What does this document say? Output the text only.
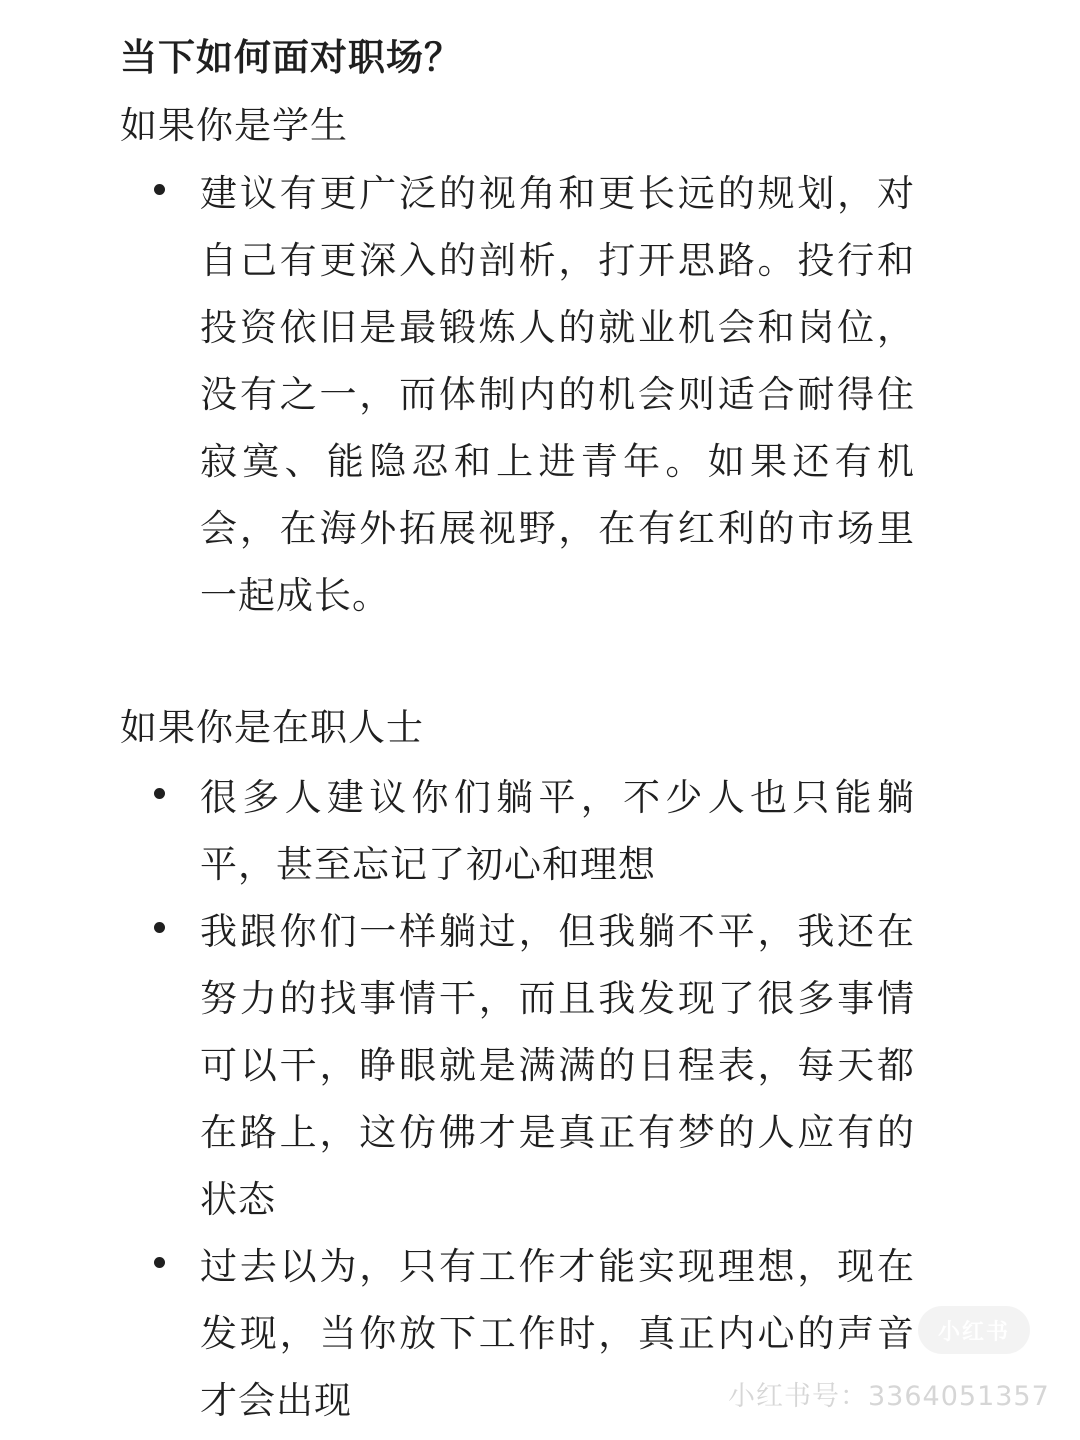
当下如何面对职场？
如果你是学生
建议有更广泛的视角和更长远的规划，对自己有更深入的剖析，打开思路。投行和投资依旧是最锻炼人的就业机会和岗位，没有之一，而体制内的机会则适合耐得住寂寞、能隐忍和上进青年。如果还有机会，在海外拓展视野，在有红利的市场里一起成长。
如果你是在职人士
很多人建议你们躺平，不少人也只能躺平，甚至忘记了初心和理想
我跟你们一样躺过，但我躺不平，我还在努力的找事情干，而且我发现了很多事情可以干，睁眼就是满满的日程表，每天都在路上，这仿佛才是真正有梦的人应有的状态
过去以为，只有工作才能实现理想，现在发现，当你放下工作时，真正内心的声音才会出现
小红书
小红书号：3364051357
